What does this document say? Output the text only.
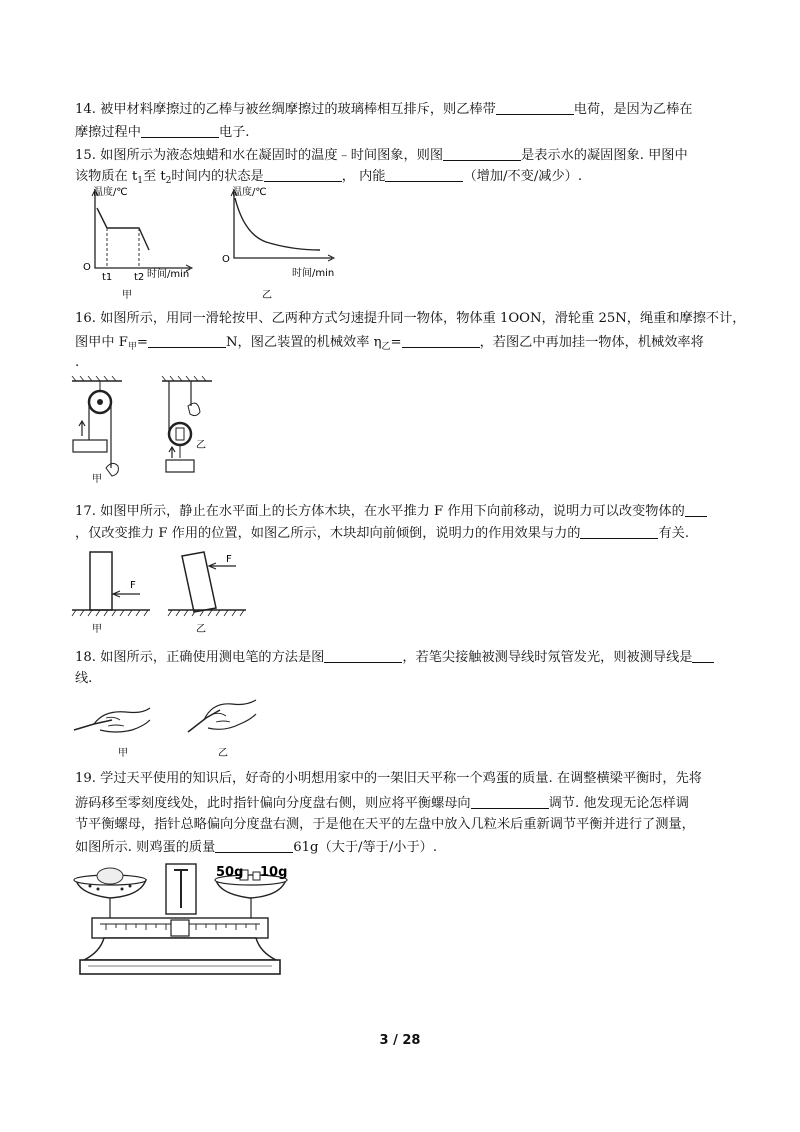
14. 被甲材料摩擦过的乙棒与被丝绸摩擦过的玻璃棒相互排斥，则乙棒带	电荷，是因为乙棒在
摩擦过程中	电子.
15. 如图所示为液态烛蜡和水在凝固时的温度﹣时间图象，则图	是表示水的凝固图象. 甲图中
该物质在 $t_1$至 $t_2$时间内的状态是	， 内能	（增加/不变/减少）.
温度/℃
O
t1 t2 时间/min
甲
温度/℃
O
时间/min
乙
16. 如图所示，用同一滑轮按甲、乙两种方式匀速提升同一物体，物体重 1OON，滑轮重 25N，绳重和摩擦不计，
图甲中 $F_甲=$	N，图乙装置的机械效率 $\eta_乙=$	，若图乙中再加挂一物体，机械效率将
.
甲
乙
17. 如图甲所示，静止在水平面上的长方体木块，在水平推力 F 作用下向前移动，说明力可以改变物体的
，仅改变推力 F 作用的位置，如图乙所示，木块却向前倾倒，说明力的作用效果与力的	有关.
F
甲
F
乙
18. 如图所示，正确使用测电笔的方法是图	，若笔尖接触被测导线时氖管发光，则被测导线是
线.
甲	乙
19. 学过天平使用的知识后，好奇的小明想用家中的一架旧天平称一个鸡蛋的质量. 在调整横梁平衡时，先将
游码移至零刻度线处，此时指针偏向分度盘右侧，则应将平衡螺母向	调节. 他发现无论怎样调
节平衡螺母，指针总略偏向分度盘右测，于是他在天平的左盘中放入几粒米后重新调节平衡并进行了测量，
如图所示. 则鸡蛋的质量	61g（大于/等于/小于）.
50g 10g
3 / 28
